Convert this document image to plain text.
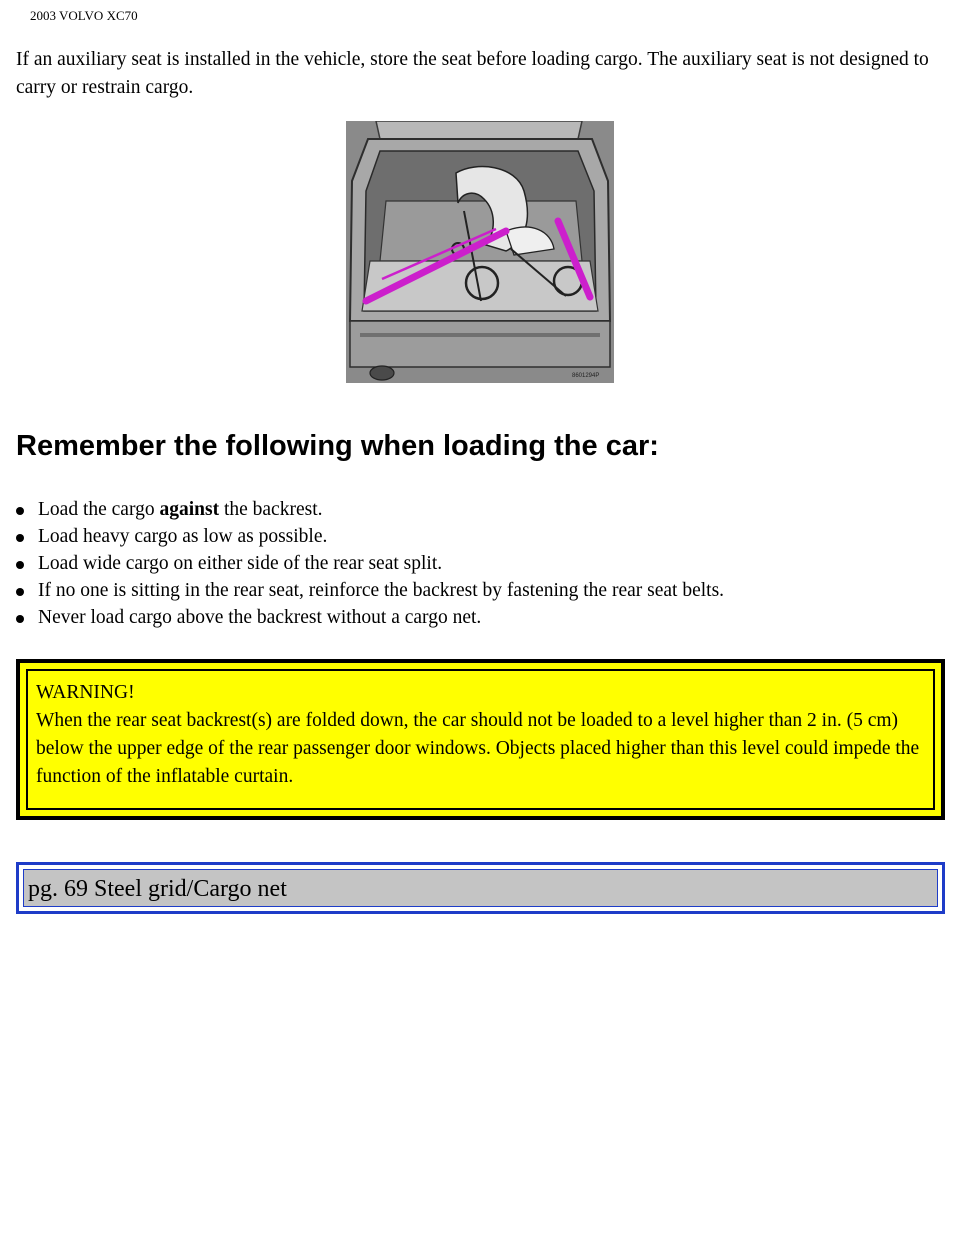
2003 VOLVO XC70

If an auxiliary seat is installed in the vehicle, store the seat before loading cargo. The auxiliary seat is not designed to carry or restrain cargo.

8601294P
Remember the following when loading the car:
Load the cargo against the backrest.
Load heavy cargo as low as possible.
Load wide cargo on either side of the rear seat split.
If no one is sitting in the rear seat, reinforce the backrest by fastening the rear seat belts.
Never load cargo above the backrest without a cargo net.
WARNING!
When the rear seat backrest(s) are folded down, the car should not be loaded to a level higher than 2 in. (5 cm) below the upper edge of the rear passenger door windows. Objects placed higher than this level could impede the function of the inflatable curtain.
pg. 69 Steel grid/Cargo net
